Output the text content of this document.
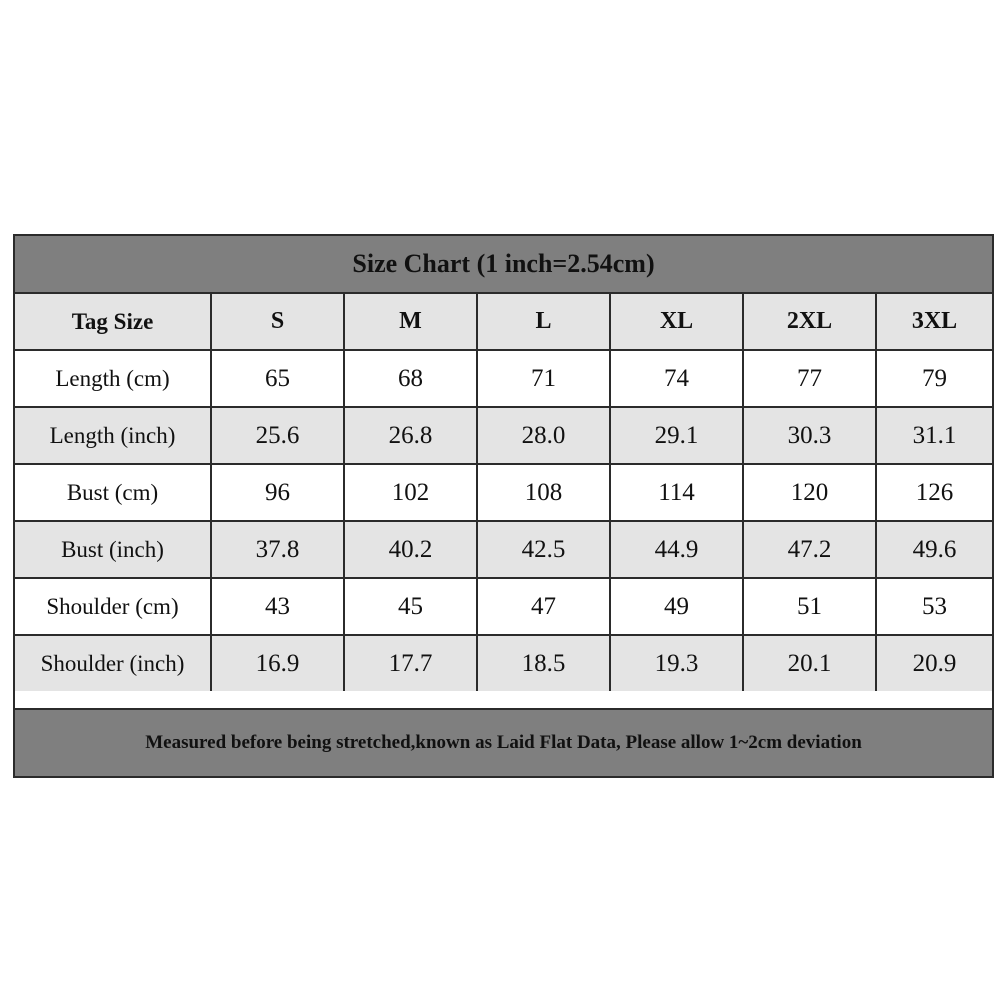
Size Chart (1 inch=2.54cm)
Tag Size	S	M	L	XL	2XL	3XL
Length (cm)	65	68	71	74	77	79
Length (inch)	25.6	26.8	28.0	29.1	30.3	31.1
Bust (cm)	96	102	108	114	120	126
Bust (inch)	37.8	40.2	42.5	44.9	47.2	49.6
Shoulder (cm)	43	45	47	49	51	53
Shoulder (inch)	16.9	17.7	18.5	19.3	20.1	20.9
Measured before being stretched,known as Laid Flat Data, Please allow 1~2cm deviation
